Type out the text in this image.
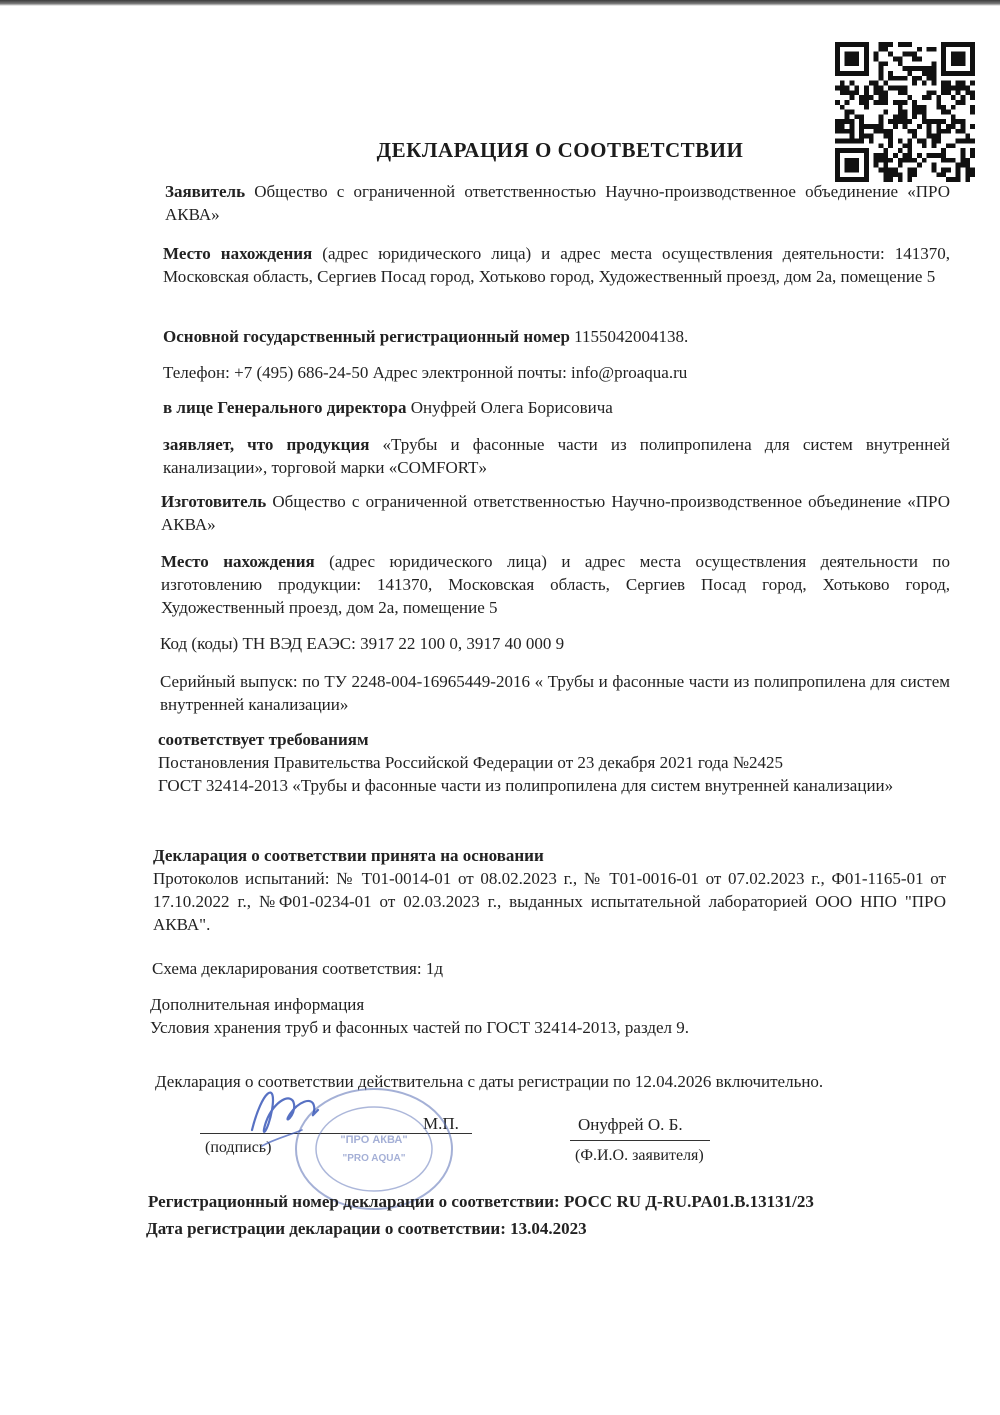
ДЕКЛАРАЦИЯ О СООТВЕТСТВИИ
Заявитель Общество с ограниченной ответственностью Научно-производственное объединение «ПРО АКВА»
Место нахождения (адрес юридического лица) и адрес места осуществления деятельности: 141370, Московская область, Сергиев Посад город, Хотьково город, Художественный проезд, дом 2а, помещение 5
Основной государственный регистрационный номер 1155042004138.
Телефон: +7 (495) 686-24-50 Адрес электронной почты: info@proaqua.ru
в лице Генерального директора Онуфрей Олега Борисовича
заявляет, что продукция «Трубы и фасонные части из полипропилена для систем внутренней канализации», торговой марки «COMFORT»
Изготовитель Общество с ограниченной ответственностью Научно-производственное объединение «ПРО АКВА»
Место нахождения (адрес юридического лица) и адрес места осуществления деятельности по изготовлению продукции: 141370, Московская область, Сергиев Посад город, Хотьково город, Художественный проезд, дом 2а, помещение 5
Код (коды) ТН ВЭД ЕАЭС: 3917 22 100 0, 3917 40 000 9
Серийный выпуск: по ТУ 2248-004-16965449-2016 « Трубы и фасонные части из полипропилена для систем внутренней канализации»
соответствует требованиям
Постановления Правительства Российской Федерации от 23 декабря 2021 года №2425
ГОСТ 32414-2013 «Трубы и фасонные части из полипропилена для систем внутренней канализации»
Декларация о соответствии принята на основании
Протоколов испытаний: № Т01-0014-01 от 08.02.2023 г., № Т01-0016-01 от 07.02.2023 г., Ф01-1165-01 от 17.10.2022 г., №Ф01-0234-01 от 02.03.2023 г., выданных испытательной лабораторией ООО НПО "ПРО АКВА".
Схема декларирования соответствия: 1д
Дополнительная информация
Условия хранения труб и фасонных частей по ГОСТ 32414-2013, раздел 9.
Декларация о соответствии действительна с даты регистрации по 12.04.2026 включительно.
М.П.
(подпись)
Онуфрей О. Б.
(Ф.И.О. заявителя)
"ПРО АКВА"
"PRO AQUA"
Регистрационный номер декларации о соответствии: РОСС RU Д-RU.PA01.B.13131/23
Дата регистрации декларации о соответствии: 13.04.2023
